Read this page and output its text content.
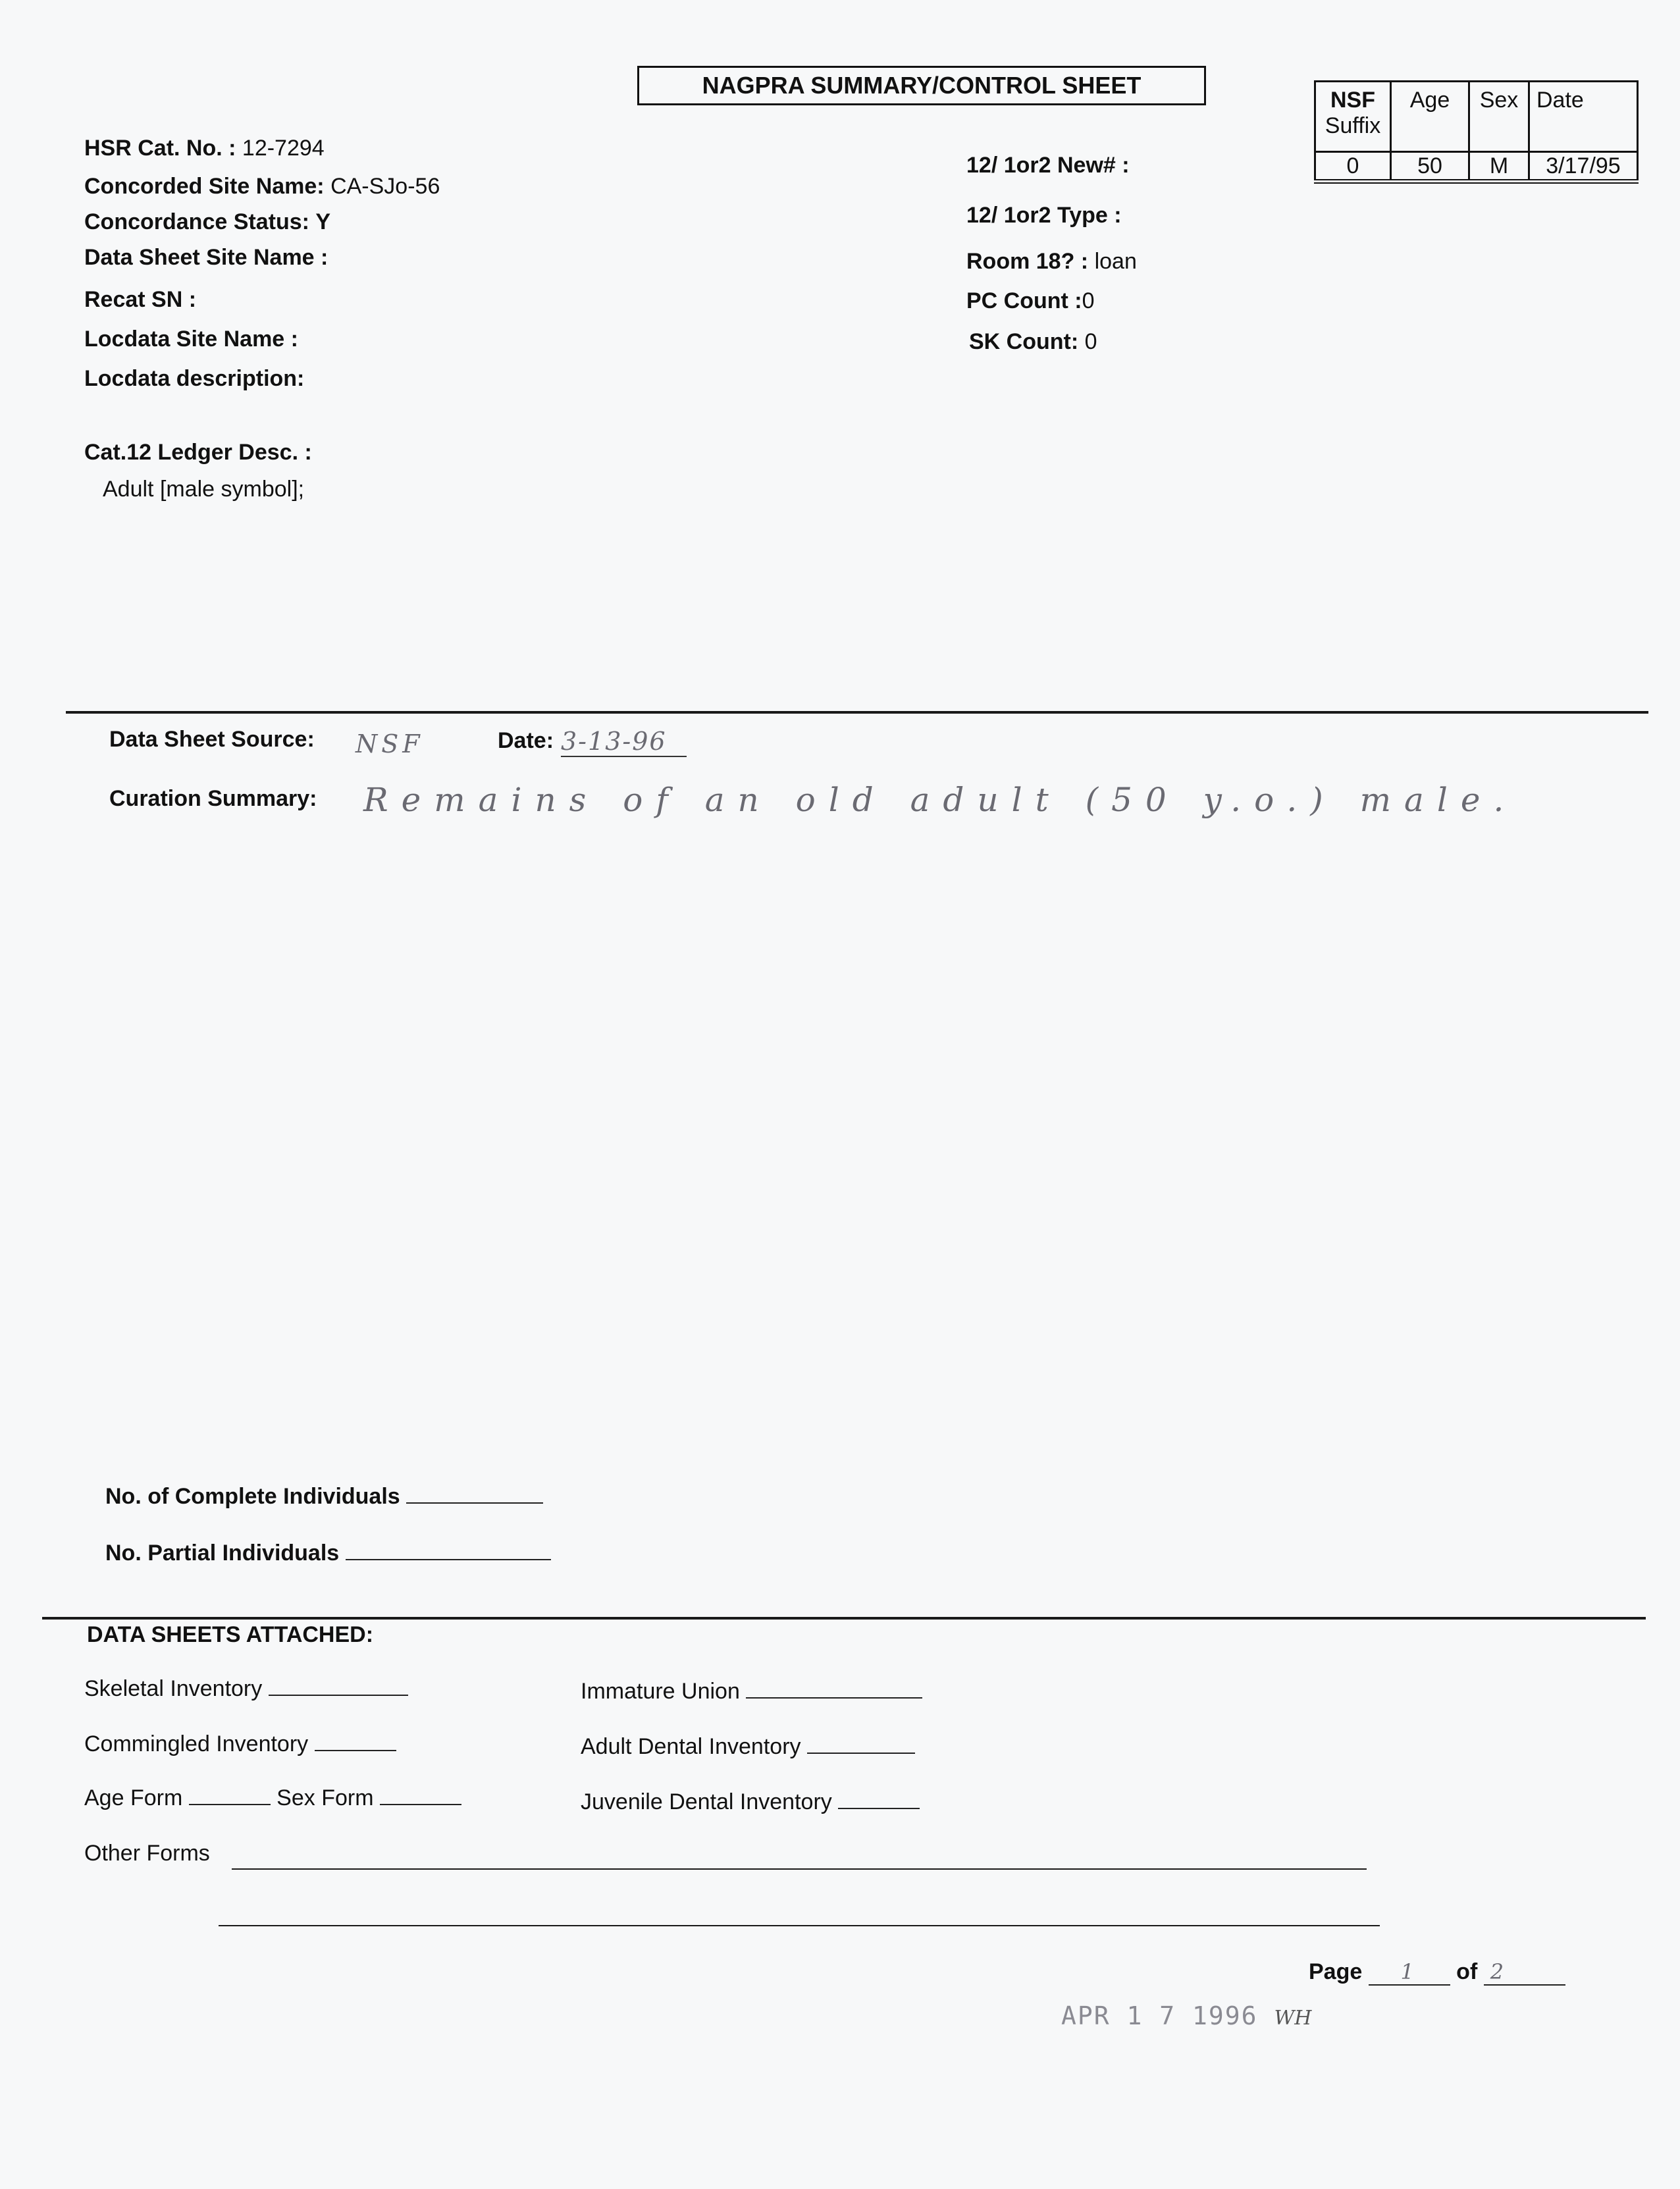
NAGPRA SUMMARY/CONTROL SHEET
NSF
Suffix	Age	Sex	Date
0	50	M	3/17/95
HSR Cat. No. : 12-7294
Concorded Site Name: CA-SJo-56
Concordance Status: Y
Data Sheet Site Name :
Recat SN :
Locdata Site Name :
Locdata description:
Cat.12 Ledger Desc. :
Adult [male symbol];
12/ 1or2 New# :
12/ 1or2 Type :
Room 18? : loan
PC Count :0
SK Count: 0
Data Sheet Source: NSF	Date: 3-13-96
Curation Summary: Remains of an old adult (50 y.o.) male.
No. of Complete Individuals
No. Partial Individuals
DATA SHEETS ATTACHED:
Skeletal Inventory
Commingled Inventory
Age Form	Sex Form
Other Forms
Immature Union
Adult Dental Inventory
Juvenile Dental Inventory
Page 1 of 2
APR 1 7 1996 WH
